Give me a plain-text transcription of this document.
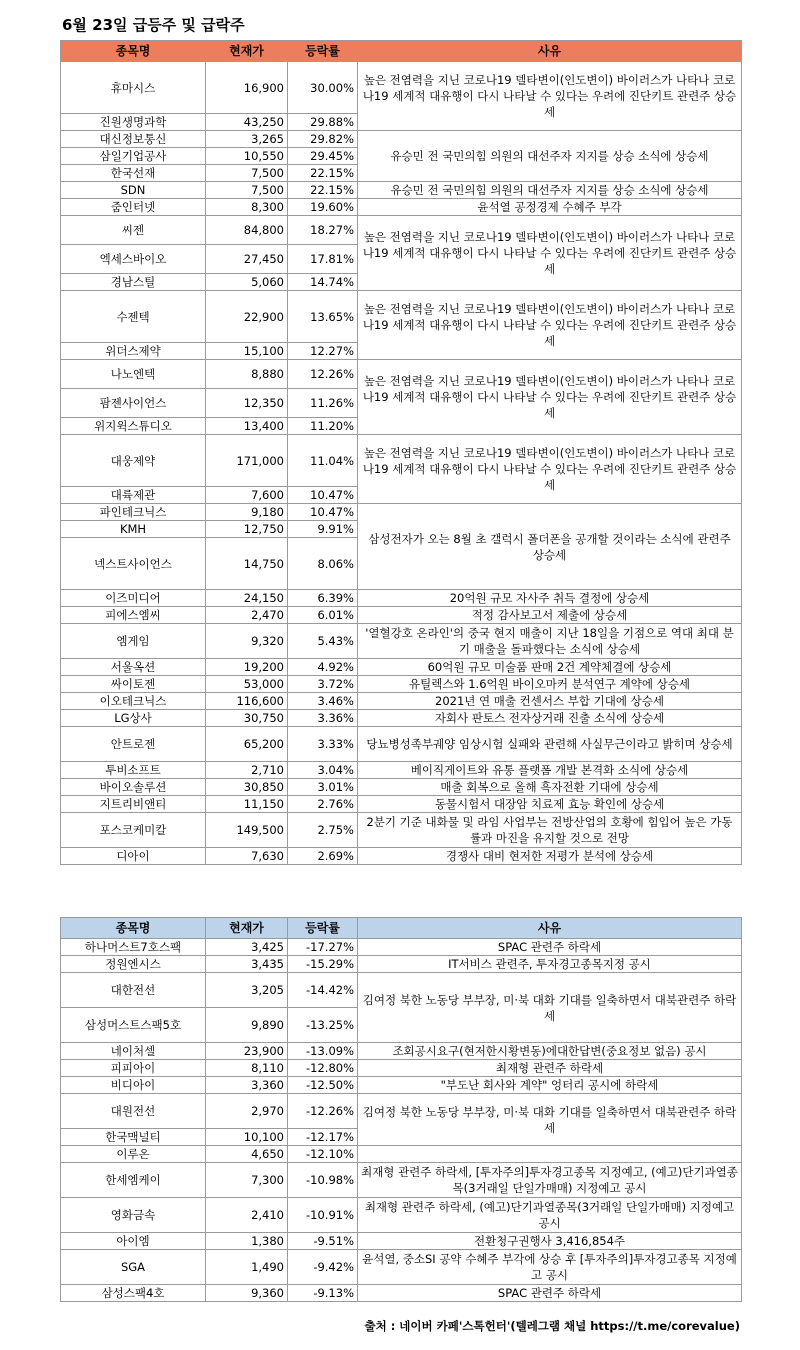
6월 23일 급등주 및 급락주
종목명	현재가	등락률	사유
휴마시스	16,900	30.00%	높은 전염력을 지닌 코로나19 델타변이(인도변이) 바이러스가 나타나 코로나19 세계적 대유행이 다시 나타날 수 있다는 우려에 진단키트 관련주 상승세
진원생명과학	43,250	29.88%	
대신정보통신	3,265	29.82%	유승민 전 국민의힘 의원의 대선주자 지지를 상승 소식에 상승세
삼일기업공사	10,550	29.45%	
한국선재	7,500	22.15%	
SDN	7,500	22.15%	유승민 전 국민의힘 의원의 대선주자 지지를 상승 소식에 상승세
줌인터넷	8,300	19.60%	윤석열 공정경제 수혜주 부각
씨젠	84,800	18.27%	높은 전염력을 지닌 코로나19 델타변이(인도변이) 바이러스가 나타나 코로나19 세계적 대유행이 다시 나타날 수 있다는 우려에 진단키트 관련주 상승세
엑세스바이오	27,450	17.81%	
경남스틸	5,060	14.74%	
수젠텍	22,900	13.65%	높은 전염력을 지닌 코로나19 델타변이(인도변이) 바이러스가 나타나 코로나19 세계적 대유행이 다시 나타날 수 있다는 우려에 진단키트 관련주 상승세
위더스제약	15,100	12.27%	
나노엔텍	8,880	12.26%	높은 전염력을 지닌 코로나19 델타변이(인도변이) 바이러스가 나타나 코로나19 세계적 대유행이 다시 나타날 수 있다는 우려에 진단키트 관련주 상승세
팜젠사이언스	12,350	11.26%	
위지윅스튜디오	13,400	11.20%	
대웅제약	171,000	11.04%	높은 전염력을 지닌 코로나19 델타변이(인도변이) 바이러스가 나타나 코로나19 세계적 대유행이 다시 나타날 수 있다는 우려에 진단키트 관련주 상승세
대륙제관	7,600	10.47%	
파인테크닉스	9,180	10.47%	삼성전자가 오는 8월 초 갤럭시 폴더폰을 공개할 것이라는 소식에 관련주 상승세
KMH	12,750	9.91%	
넥스트사이언스	14,750	8.06%	
이즈미디어	24,150	6.39%	20억원 규모 자사주 취득 결정에 상승세
피에스엠씨	2,470	6.01%	적정 감사보고서 제출에 상승세
엠게임	9,320	5.43%	'열혈강호 온라인'의 중국 현지 매출이 지난 18일을 기점으로 역대 최대 분기 매출을 돌파했다는 소식에 상승세
서울옥션	19,200	4.92%	60억원 규모 미술품 판매 2건 계약체결에 상승세
싸이토젠	53,000	3.72%	유틸렉스와 1.6억원 바이오마커 분석연구 계약에 상승세
이오테크닉스	116,600	3.46%	2021년 연 매출 컨센서스 부합 기대에 상승세
LG상사	30,750	3.36%	자회사 판토스 전자상거래 진출 소식에 상승세
안트로젠	65,200	3.33%	당뇨병성족부궤양 임상시험 실패와 관련해 사실무근이라고 밝히며 상승세
투비소프트	2,710	3.04%	베이직게이트와 유통 플랫폼 개발 본격화 소식에 상승세
바이오솔루션	30,850	3.01%	매출 회복으로 올해 흑자전환 기대에 상승세
지트리비앤티	11,150	2.76%	동물시험서 대장암 치료제 효능 확인에 상승세
포스코케미칼	149,500	2.75%	2분기 기준 내화물 및 라임 사업부는 전방산업의 호황에 힘입어 높은 가동률과 마진을 유지할 것으로 전망
디아이	7,630	2.69%	경쟁사 대비 현저한 저평가 분석에 상승세
종목명	현재가	등락률	사유
하나머스트7호스팩	3,425	-17.27%	SPAC 관련주 하락세
정원엔시스	3,435	-15.29%	IT서비스 관련주, 투자경고종목지정 공시
대한전선	3,205	-14.42%	김여정 북한 노동당 부부장, 미·북 대화 기대를 일축하면서 대북관련주 하락세
삼성머스트스팩5호	9,890	-13.25%	
네이처셀	23,900	-13.09%	조회공시요구(현저한시황변동)에대한답변(중요정보 없음) 공시
피피아이	8,110	-12.80%	최재형 관련주 하락세
비디아이	3,360	-12.50%	"부도난 회사와 계약" 엉터리 공시에 하락세
대원전선	2,970	-12.26%	김여정 북한 노동당 부부장, 미·북 대화 기대를 일축하면서 대북관련주 하락세
한국맥널티	10,100	-12.17%	
이루온	4,650	-12.10%	
한세엠케이	7,300	-10.98%	최재형 관련주 하락세, [투자주의]투자경고종목 지정예고, (예고)단기과열종목(3거래일 단일가매매) 지정예고 공시
영화금속	2,410	-10.91%	최재형 관련주 하락세, (예고)단기과열종목(3거래일 단일가매매) 지정예고 공시
아이엠	1,380	-9.51%	전환청구권행사 3,416,854주
SGA	1,490	-9.42%	윤석열, 중소SI 공약 수혜주 부각에 상승 후 [투자주의]투자경고종목 지정예고 공시
삼성스팩4호	9,360	-9.13%	SPAC 관련주 하락세
출처 : 네이버 카페'스톡헌터'(텔레그램 채널 https://t.me/corevalue)
